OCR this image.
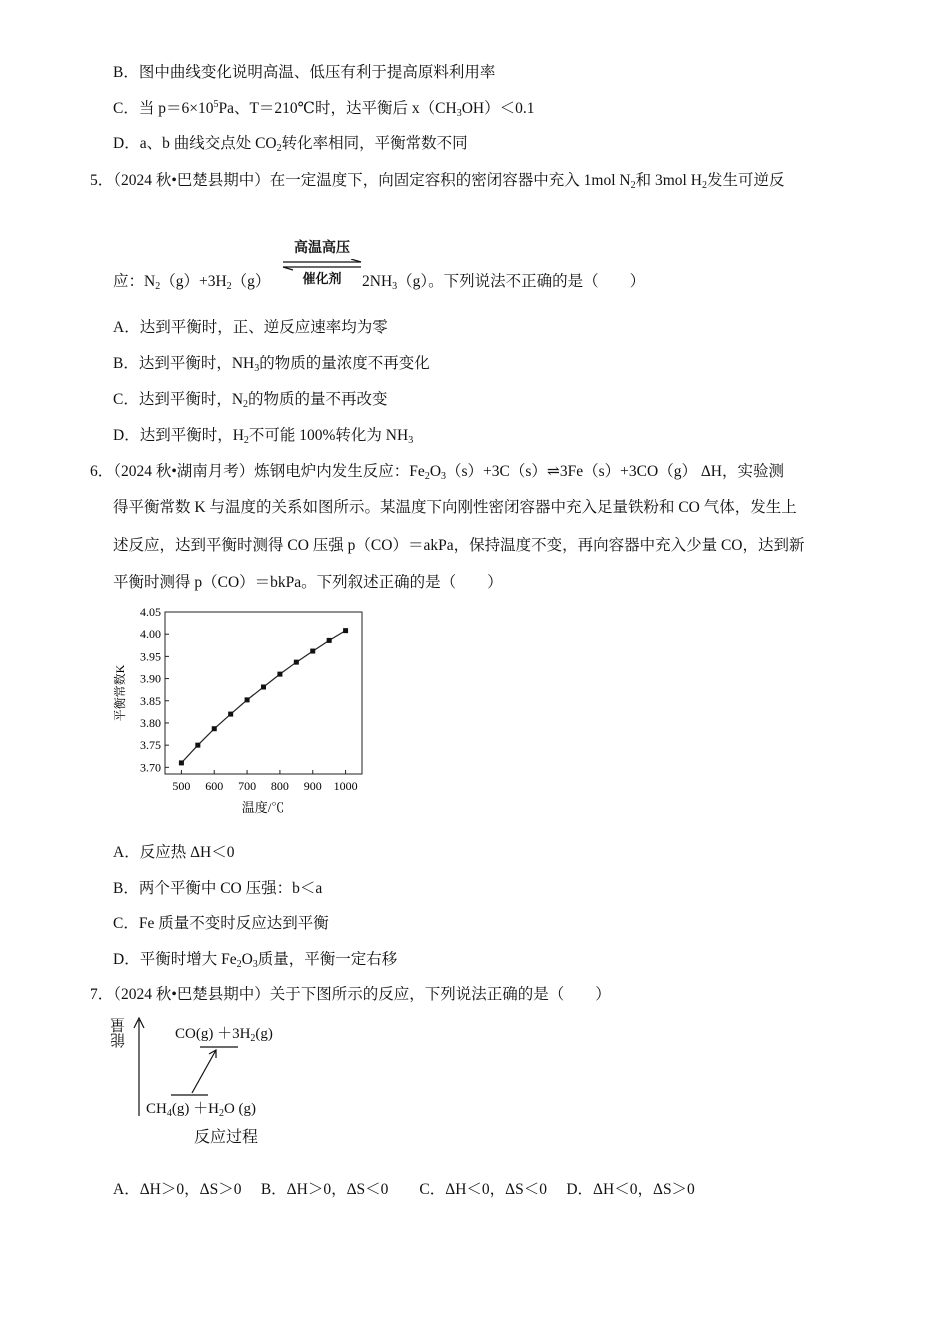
B．图中曲线变化说明高温、低压有利于提高原料利用率
C．当 $p=6\times 10^5Pa$、T＝210℃时，达平衡后 $x(CH_3OH)<0.1$
D．a、b 曲线交点处 $CO_2$转化率相同，平衡常数不同
5．（2024 秋•巴楚县期中）在一定温度下，向固定容积的密闭容器中充入 1mol $N_2$和 3mol $H_2$发生可逆反
高温高压
催化剂
应：$N_2(g)+3H_2(g)$	$2NH_3(g)$。下列说法不正确的是（　　）
A．达到平衡时，正、逆反应速率均为零
B．达到平衡时，$NH_3$的物质的量浓度不再变化
C．达到平衡时，$N_2$的物质的量不再改变
D．达到平衡时，$H_2$不可能 100%转化为 $NH_3$
6．（2024 秋•湖南月考）炼钢电炉内发生反应：$Fe_2O_3(s)+3C(s)\rightleftharpoons 3Fe(s)+3CO(g)$ ΔH，实验测
得平衡常数 K 与温度的关系如图所示。某温度下向刚性密闭容器中充入足量铁粉和 CO 气体，发生上
述反应，达到平衡时测得 CO 压强 p（CO）＝akPa，保持温度不变，再向容器中充入少量 CO，达到新
平衡时测得 p（CO）＝bkPa。下列叙述正确的是（　　）
平衡常数K
温度/℃
500 600 700 800 900 1000
3.70
3.75
3.80
3.85
3.90
3.95
4.00
4.05
A．反应热 ΔH＜0
B．两个平衡中 CO 压强：b＜a
C．Fe 质量不变时反应达到平衡
D．平衡时增大 $Fe_2O_3$质量，平衡一定右移
7．（2024 秋•巴楚县期中）关于下图所示的反应，下列说法正确的是（　　）
能量	$CO(g) +3H_2(g)$
$CH_4(g) +H_2O$ (g)
反应过程
A．ΔH＞0，ΔS＞0　 B．ΔH＞0，ΔS＜0　　C．ΔH＜0，ΔS＜0　 D．ΔH＜0，ΔS＞0
